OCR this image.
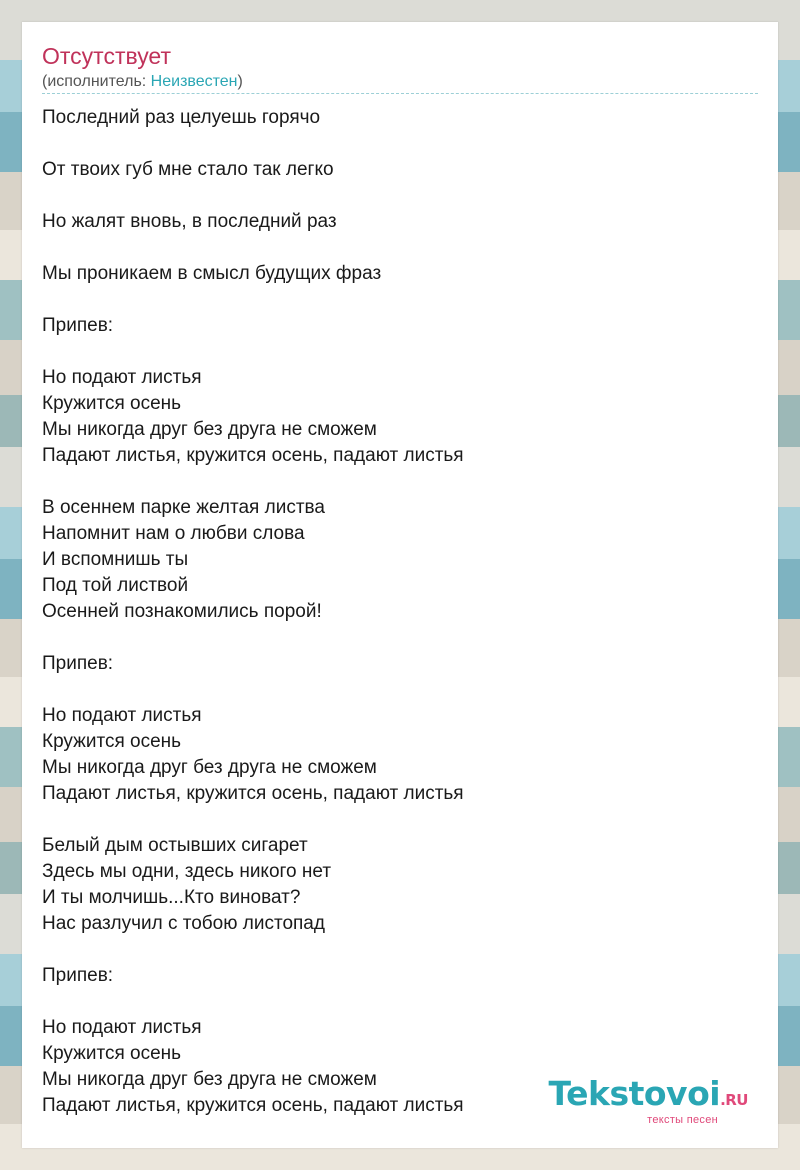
Отсутствует
(исполнитель: Неизвестен)
Последний раз целуешь горячо
От твоих губ мне стало так легко
Но жалят вновь, в последний раз
Мы проникаем в смысл будущих фраз
Припев:
Но подают листья
Кружится осень
Мы никогда друг без друга не сможем
Падают листья, кружится осень, падают листья
В осеннем парке желтая листва
Напомнит нам о любви слова
И вспомнишь ты
Под той листвой
Осенней познакомились порой!
Припев:
Но подают листья
Кружится осень
Мы никогда друг без друга не сможем
Падают листья, кружится осень, падают листья
Белый дым остывших сигарет
Здесь мы одни, здесь никого нет
И ты молчишь...Кто виноват?
Нас разлучил с тобою листопад
Припев:
Но подают листья
Кружится осень
Мы никогда друг без друга не сможем
Падают листья, кружится осень, падают листья	Tekstovoi.RU
тексты песен
